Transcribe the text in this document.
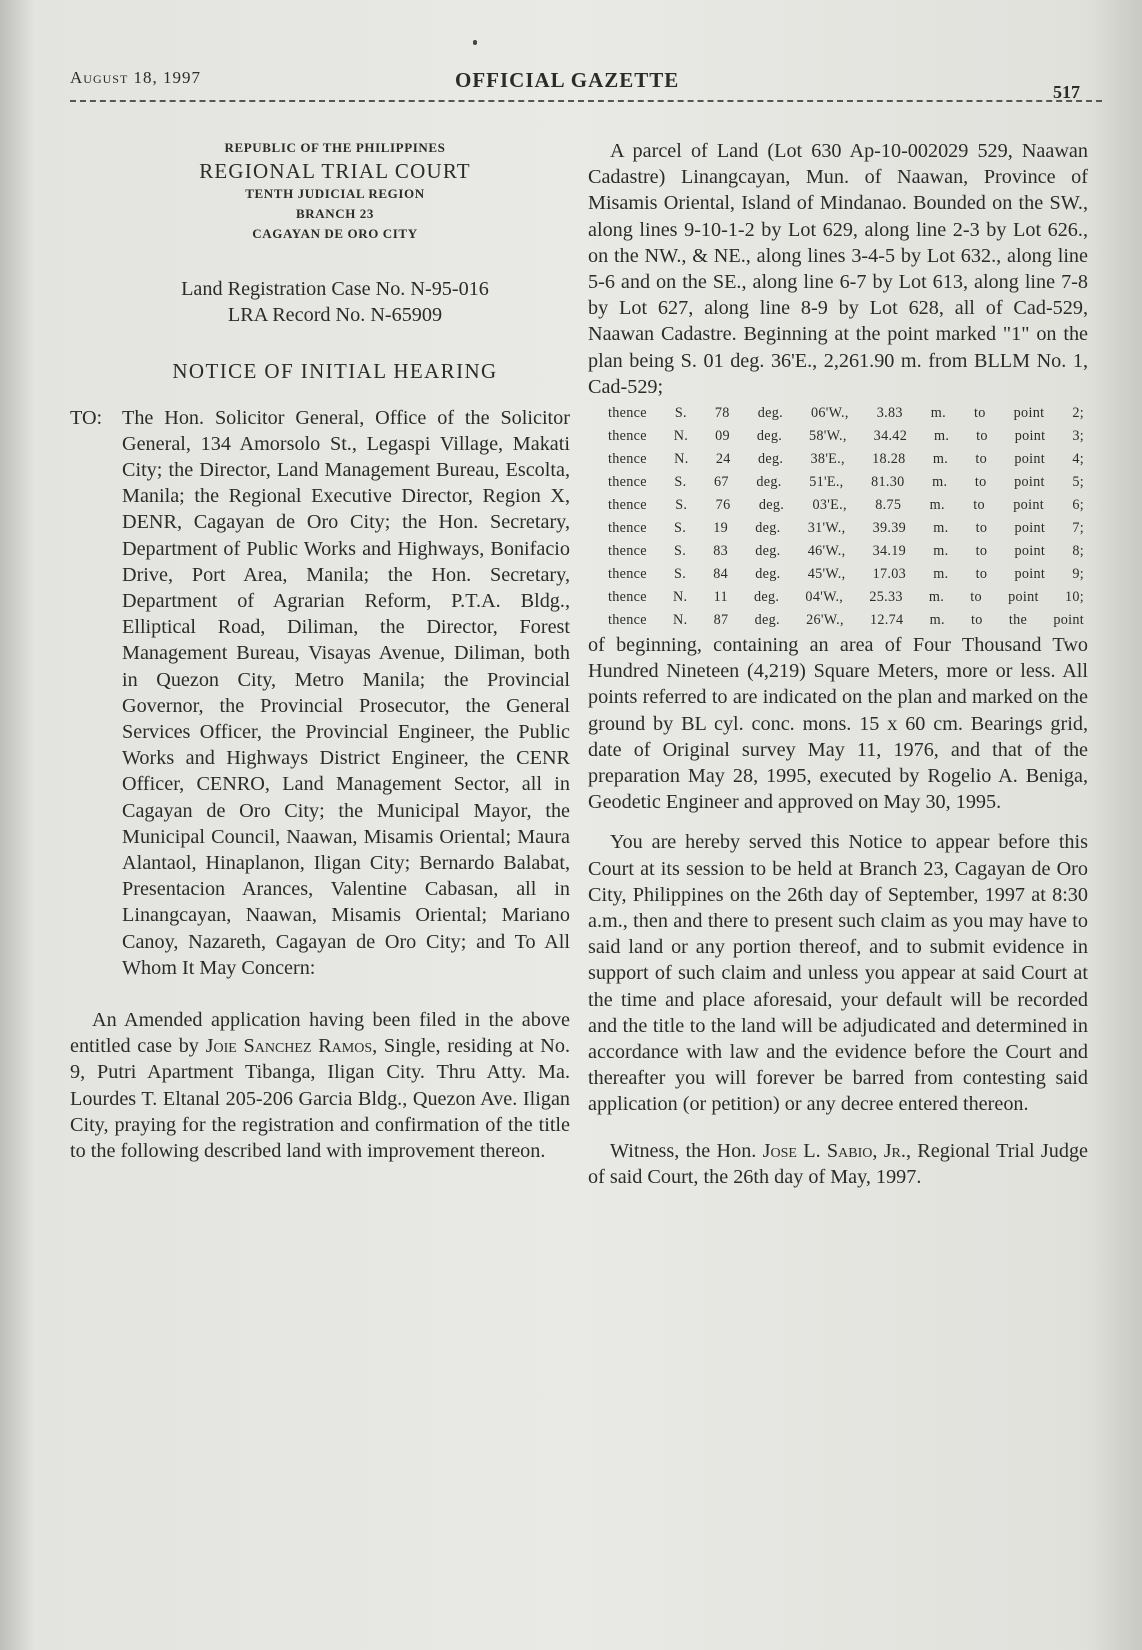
August 18, 1997	OFFICIAL GAZETTE	517
REPUBLIC OF THE PHILIPPINES
REGIONAL TRIAL COURT
TENTH JUDICIAL REGION
BRANCH 23
CAGAYAN DE ORO CITY
Land Registration Case No. N-95-016
LRA Record No. N-65909
NOTICE OF INITIAL HEARING
TO: The Hon. Solicitor General, Office of the Solicitor General, 134 Amorsolo St., Legaspi Village, Makati City; the Director, Land Management Bureau, Escolta, Manila; the Regional Executive Director, Region X, DENR, Cagayan de Oro City; the Hon. Secretary, Department of Public Works and Highways, Bonifacio Drive, Port Area, Manila; the Hon. Secretary, Department of Agrarian Reform, P.T.A. Bldg., Elliptical Road, Diliman, the Director, Forest Management Bureau, Visayas Avenue, Diliman, both in Quezon City, Metro Manila; the Provincial Governor, the Provincial Prosecutor, the General Services Officer, the Provincial Engineer, the Public Works and Highways District Engineer, the CENR Officer, CENRO, Land Management Sector, all in Cagayan de Oro City; the Municipal Mayor, the Municipal Council, Naawan, Misamis Oriental; Maura Alantaol, Hinaplanon, Iligan City; Bernardo Balabat, Presentacion Arances, Valentine Cabasan, all in Linangcayan, Naawan, Misamis Oriental; Mariano Canoy, Nazareth, Cagayan de Oro City; and To All Whom It May Concern:

An Amended application having been filed in the above entitled case by Joie Sanchez Ramos, Single, residing at No. 9, Putri Apartment Tibanga, Iligan City. Thru Atty. Ma. Lourdes T. Eltanal 205-206 Garcia Bldg., Quezon Ave. Iligan City, praying for the registration and confirmation of the title to the following described land with improvement thereon.

A parcel of Land (Lot 630 Ap-10-002029 529, Naawan Cadastre) Linangcayan, Mun. of Naawan, Province of Misamis Oriental, Island of Mindanao. Bounded on the SW., along lines 9-10-1-2 by Lot 629, along line 2-3 by Lot 626., on the NW., & NE., along lines 3-4-5 by Lot 632., along line 5-6 and on the SE., along line 6-7 by Lot 613, along line 7-8 by Lot 627, along line 8-9 by Lot 628, all of Cad-529, Naawan Cadastre. Beginning at the point marked "1" on the plan being S. 01 deg. 36'E., 2,261.90 m. from BLLM No. 1, Cad-529;

thence S. 78 deg. 06'W., 3.83 m. to point 2;
thence N. 09 deg. 58'W., 34.42 m. to point 3;
thence N. 24 deg. 38'E., 18.28 m. to point 4;
thence S. 67 deg. 51'E., 81.30 m. to point 5;
thence S. 76 deg. 03'E., 8.75 m. to point 6;
thence S. 19 deg. 31'W., 39.39 m. to point 7;
thence S. 83 deg. 46'W., 34.19 m. to point 8;
thence S. 84 deg. 45'W., 17.03 m. to point 9;
thence N. 11 deg. 04'W., 25.33 m. to point 10;
thence N. 87 deg. 26'W., 12.74 m. to the point

of beginning, containing an area of Four Thousand Two Hundred Nineteen (4,219) Square Meters, more or less. All points referred to are indicated on the plan and marked on the ground by BL cyl. conc. mons. 15 x 60 cm. Bearings grid, date of Original survey May 11, 1976, and that of the preparation May 28, 1995, executed by Rogelio A. Beniga, Geodetic Engineer and approved on May 30, 1995.

You are hereby served this Notice to appear before this Court at its session to be held at Branch 23, Cagayan de Oro City, Philippines on the 26th day of September, 1997 at 8:30 a.m., then and there to present such claim as you may have to said land or any portion thereof, and to submit evidence in support of such claim and unless you appear at said Court at the time and place aforesaid, your default will be recorded and the title to the land will be adjudicated and determined in accordance with law and the evidence before the Court and thereafter you will forever be barred from contesting said application (or petition) or any decree entered thereon.

Witness, the Hon. Jose L. Sabio, Jr., Regional Trial Judge of said Court, the 26th day of May, 1997.
